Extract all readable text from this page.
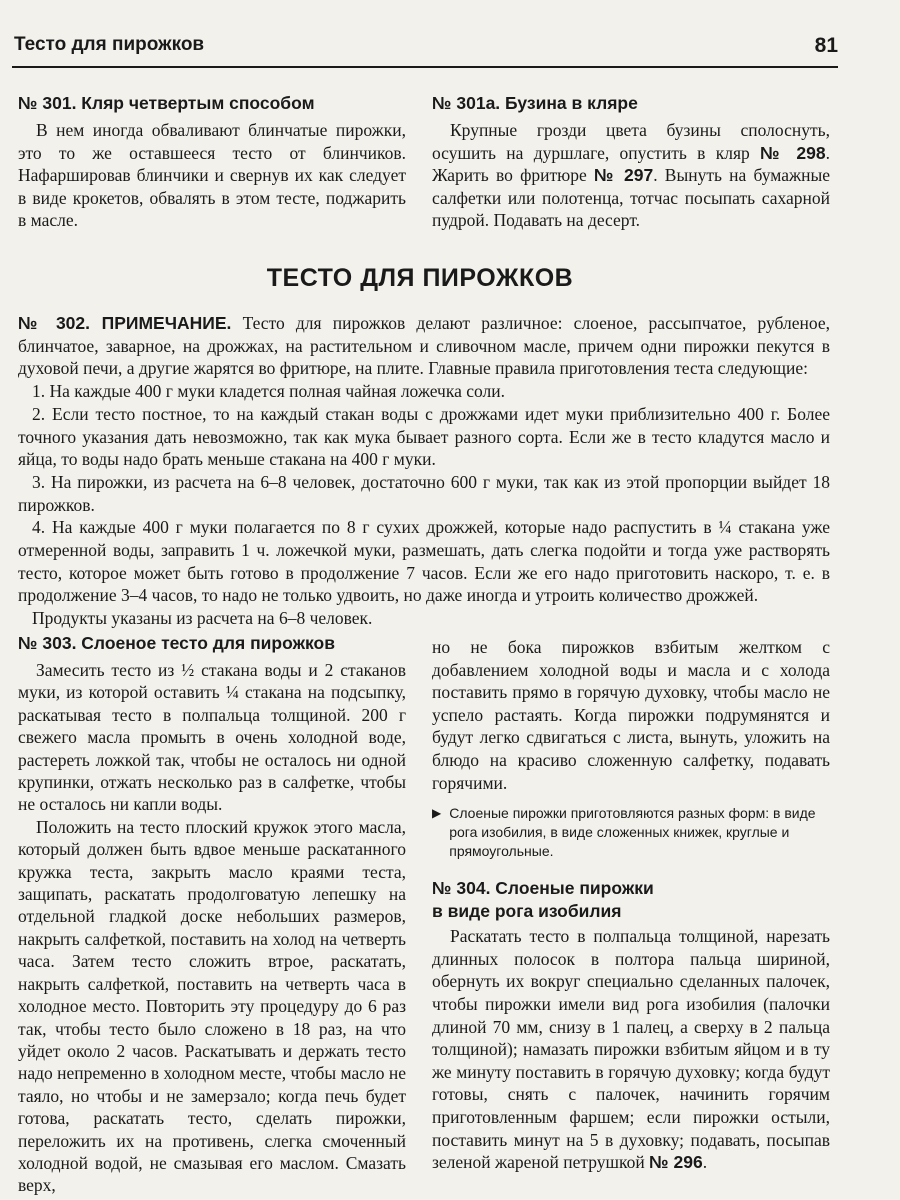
Тесто для пирожков	81
№ 301. Кляр четвертым способом

В нем иногда обваливают блинчатые пирожки, это то же оставшееся тесто от блинчиков. Нафаршировав блинчики и свернув их как следует в виде крокетов, обвалять в этом тесте, поджарить в масле.

№ 301а. Бузина в кляре

Крупные грозди цвета бузины сполоснуть, осушить на дуршлаге, опустить в кляр № 298. Жарить во фритюре № 297. Вынуть на бумажные салфетки или полотенца, тотчас посыпать сахарной пудрой. Подавать на десерт.

ТЕСТО ДЛЯ ПИРОЖКОВ

№ 302. ПРИМЕЧАНИЕ. Тесто для пирожков делают различное: слоеное, рассыпчатое, рубленое, блинчатое, заварное, на дрожжах, на растительном и сливочном масле, причем одни пирожки пекутся в духовой печи, а другие жарятся во фритюре, на плите. Главные правила приготовления теста следующие:

1. На каждые 400 г муки кладется полная чайная ложечка соли.

2. Если тесто постное, то на каждый стакан воды с дрожжами идет муки приблизительно 400 г. Более точного указания дать невозможно, так как мука бывает разного сорта. Если же в тесто кладутся масло и яйца, то воды надо брать меньше стакана на 400 г муки.

3. На пирожки, из расчета на 6–8 человек, достаточно 600 г муки, так как из этой пропорции выйдет 18 пирожков.

4. На каждые 400 г муки полагается по 8 г сухих дрожжей, которые надо распустить в ¼ стакана уже отмеренной воды, заправить 1 ч. ложечкой муки, размешать, дать слегка подойти и тогда уже растворять тесто, которое может быть готово в продолжение 7 часов. Если же его надо приготовить наскоро, т. е. в продолжение 3–4 часов, то надо не только удвоить, но даже иногда и утроить количество дрожжей.

Продукты указаны из расчета на 6–8 человек.

№ 303. Слоеное тесто для пирожков

Замесить тесто из ½ стакана воды и 2 стаканов муки, из которой оставить ¼ стакана на подсыпку, раскатывая тесто в полпальца толщиной. 200 г свежего масла промыть в очень холодной воде, растереть ложкой так, чтобы не осталось ни одной крупинки, отжать несколько раз в салфетке, чтобы не осталось ни капли воды.

Положить на тесто плоский кружок этого масла, который должен быть вдвое меньше раскатанного кружка теста, закрыть масло краями теста, защипать, раскатать продолговатую лепешку на отдельной гладкой доске небольших размеров, накрыть салфеткой, поставить на холод на четверть часа. Затем тесто сложить втрое, раскатать, накрыть салфеткой, поставить на четверть часа в холодное место. Повторить эту процедуру до 6 раз так, чтобы тесто было сложено в 18 раз, на что уйдет около 2 часов. Раскатывать и держать тесто надо непременно в холодном месте, чтобы масло не таяло, но чтобы и не замерзало; когда печь будет готова, раскатать тесто, сделать пирожки, переложить их на противень, слегка смоченный холодной водой, не смазывая его маслом. Смазать верх,

но не бока пирожков взбитым желтком с добавлением холодной воды и масла и с холода поставить прямо в горячую духовку, чтобы масло не успело растаять. Когда пирожки подрумянятся и будут легко сдвигаться с листа, вынуть, уложить на блюдо на красиво сложенную салфетку, подавать горячими.

▶ Слоеные пирожки приготовляются разных форм: в виде рога изобилия, в виде сложенных книжек, круглые и прямоугольные.
№ 304. Слоеные пирожки
в виде рога изобилия

Раскатать тесто в полпальца толщиной, нарезать длинных полосок в полтора пальца шириной, обернуть их вокруг специально сделанных палочек, чтобы пирожки имели вид рога изобилия (палочки длиной 70 мм, снизу в 1 палец, а сверху в 2 пальца толщиной); намазать пирожки взбитым яйцом и в ту же минуту поставить в горячую духовку; когда будут готовы, снять с палочек, начинить горячим приготовленным фаршем; если пирожки остыли, поставить минут на 5 в духовку; подавать, посыпав зеленой жареной петрушкой № 296.
